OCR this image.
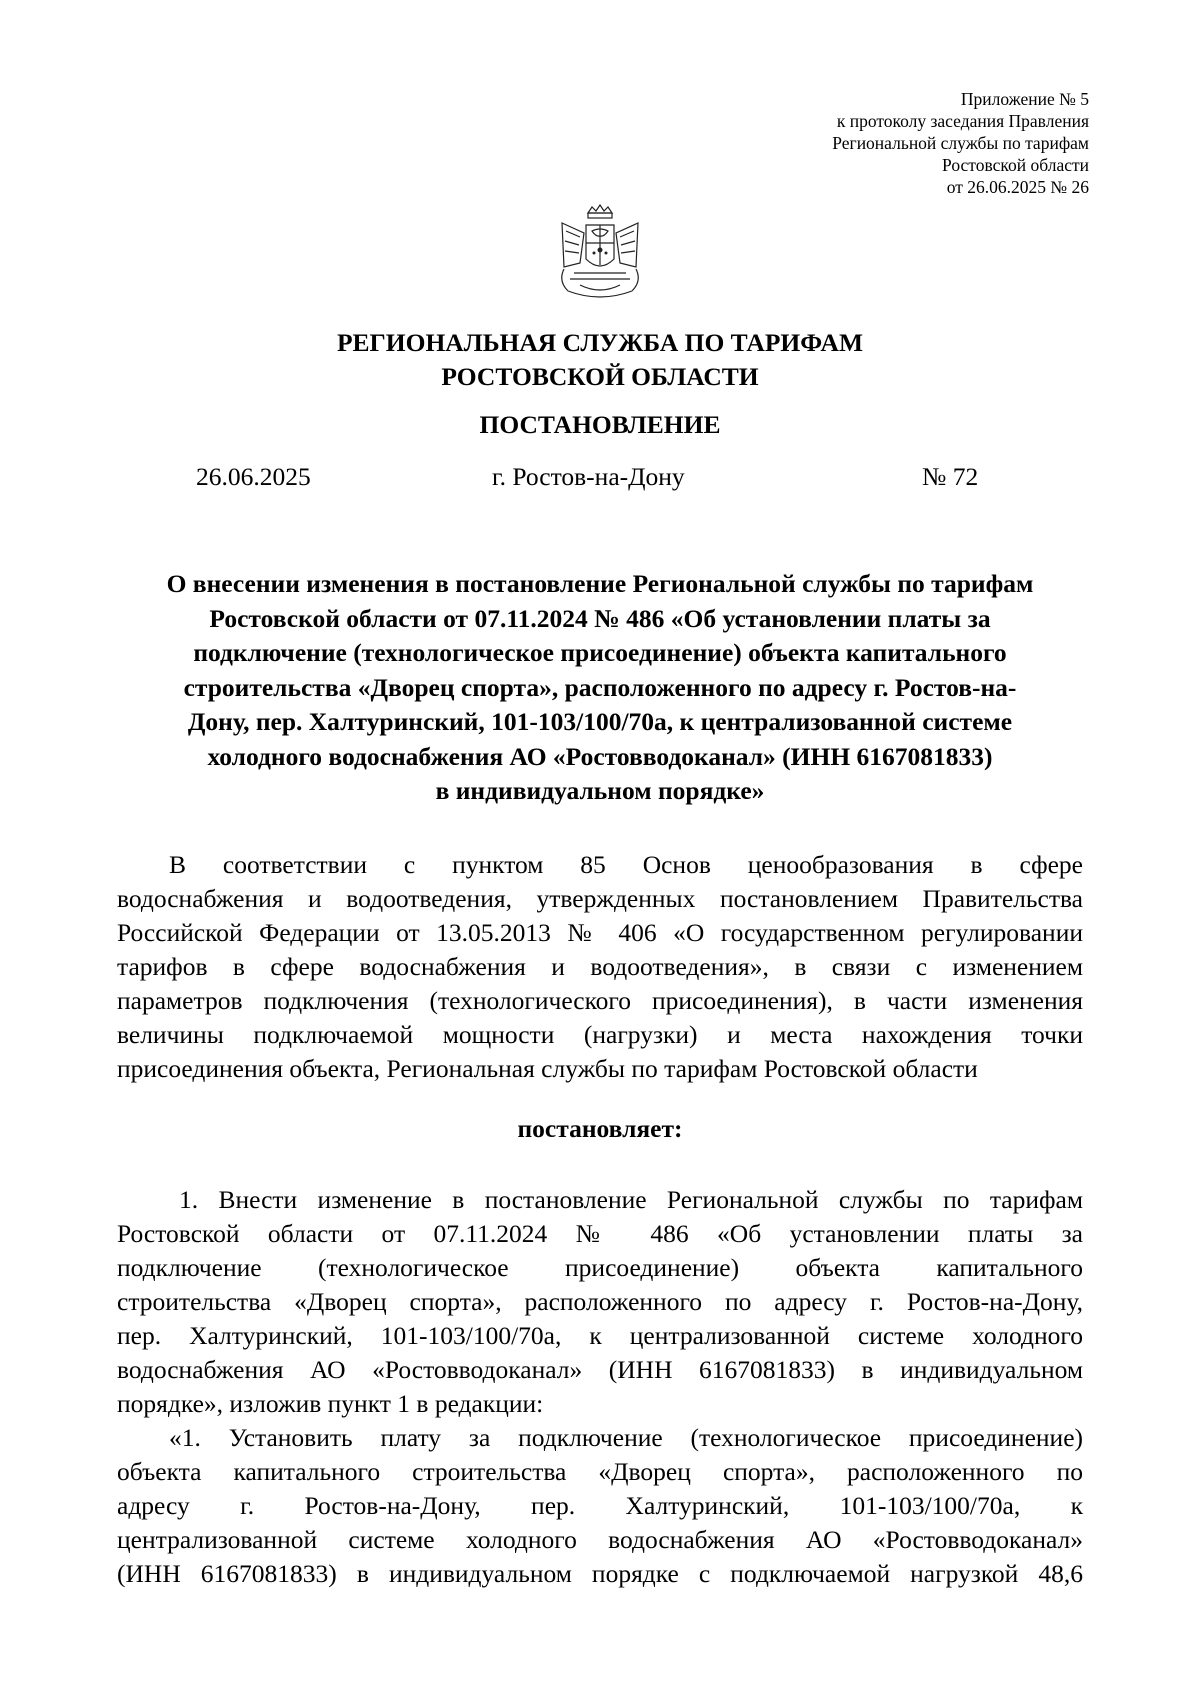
Приложение № 5
к протоколу заседания Правления
Региональной службы по тарифам
Ростовской области
от 26.06.2025 № 26
РЕГИОНАЛЬНАЯ СЛУЖБА ПО ТАРИФАМ
РОСТОВСКОЙ ОБЛАСТИ
ПОСТАНОВЛЕНИЕ
26.06.2025	г. Ростов-на-Дону	№ 72
О внесении изменения в постановление Региональной службы по тарифам
Ростовской области от 07.11.2024 № 486 «Об установлении платы за
подключение (технологическое присоединение) объекта капитального
строительства «Дворец спорта», расположенного по адресу г. Ростов-на-
Дону, пер. Халтуринский, 101-103/100/70а, к централизованной системе
холодного водоснабжения АО «Ростовводоканал» (ИНН 6167081833)
в индивидуальном порядке»
В соответствии с пунктом 85 Основ ценообразования в сфере
водоснабжения и водоотведения, утвержденных постановлением Правительства
Российской Федерации от 13.05.2013 № 406 «О государственном регулировании
тарифов в сфере водоснабжения и водоотведения», в связи с изменением
параметров подключения (технологического присоединения), в части изменения
величины подключаемой мощности (нагрузки) и места нахождения точки
присоединения объекта, Региональная службы по тарифам Ростовской области
постановляет:
1. Внести изменение в постановление Региональной службы по тарифам
Ростовской области от 07.11.2024 № 486 «Об установлении платы за
подключение (технологическое присоединение) объекта капитального
строительства «Дворец спорта», расположенного по адресу г. Ростов-на-Дону,
пер. Халтуринский, 101-103/100/70а, к централизованной системе холодного
водоснабжения АО «Ростовводоканал» (ИНН 6167081833) в индивидуальном
порядке», изложив пункт 1 в редакции:
«1. Установить плату за подключение (технологическое присоединение)
объекта капитального строительства «Дворец спорта», расположенного по
адресу г. Ростов-на-Дону, пер. Халтуринский, 101-103/100/70а, к
централизованной системе холодного водоснабжения АО «Ростовводоканал»
(ИНН 6167081833) в индивидуальном порядке с подключаемой нагрузкой 48,6
